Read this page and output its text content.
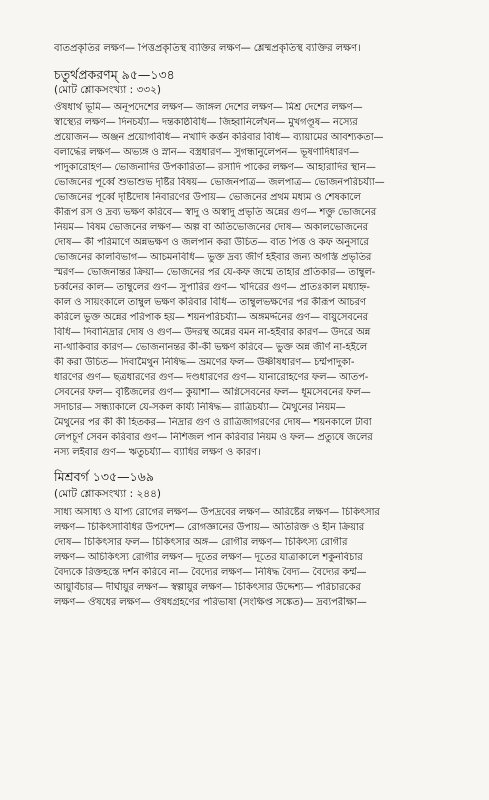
বাতপ্রকৃতির লক্ষণ— পিত্তপ্রকৃতিস্থ ব্যক্তির লক্ষণ— শ্লেষ্মপ্রকৃতিস্থ ব্যক্তির লক্ষণ।
চতুর্থপ্রকরণম্‌ ৯৫—১৩৪
(মোট শ্লোকসংখ্যা : ৩৩২)
ঔষধার্থ ভূমি— অনূপদেশের লক্ষণ— জাঙ্গল দেশের লক্ষণ— মিশ্র দেশের লক্ষণ—
স্বাস্থ্যের লক্ষণ— দিনচর্য্যা— দন্তকাষ্ঠবিধি— জিহ্বানির্লেখন— মুখগণ্ডূষ— নস্যের
প্রয়োজন— অঞ্জন প্রয়োগবিধি— নখাদি কর্ত্তন করিবার বিধি— ব্যায়ামের আবশ্যকতা—
বলার্দ্ধের লক্ষণ— অভ্যঙ্গ ও স্নান— বস্ত্রধারণ— সুগন্ধানুলেপন— ভূষণাদিধারণ—
পাদুকারোহণ— ভোজনাদির উপকারিতা— রসাদি পাকের লক্ষণ— আহারাদির স্থান—
ভোজনের পূর্ব্বে শুভাশুভ দৃষ্টির বিষয়— ভোজনপাত্র— জলপাত্র— ভোজনপরিচর্য্যা—
ভোজনের পূর্ব্বে দৃষ্টিদোষ নিবারণের উপায়— ভোজনের প্রথম মধ্যম ও শেষকালে
কীরূপ রস ও দ্রব্য ভক্ষণ করিবে— স্বাদু ও অস্বাদু প্রভৃতি অন্নের গুণ— শক্তু ভোজনের
নিয়ম— বিষম ভোজনের লক্ষণ— অল্প বা অতিভোজনের দোষ— অকালভোজনের
দোষ— কী পরিমাণে অন্নভক্ষণ ও জলপান করা উচিত— বাত পিত্ত ও কফ অনুসারে
ভোজনের কালবিভাগ— আচমনবিধি— ভুক্ত দ্রব্য জীর্ণ হইবার জন্য অগস্তি প্রভৃতির
স্মরণ— ভোজনান্তর ক্রিয়া— ভোজনের পর যে-কফ জন্মে তাহার প্রতিকার— তাম্বুল-
চর্ব্বনের কাল— তাম্বুলের গুণ— সুপারির গুণ— খদিরের গুণ— প্রাতঃকাল মধ্যাহ্ন-
কাল ও সায়ংকালে তাম্বুল ভক্ষণ করিবার বিধি— তাম্বুলভক্ষণের পর কীরূপ আচরণ
করিলে ভুক্ত অন্নের পরিপাক হয়— শয়নপরিচর্য্যা— অঙ্গমর্দ্দনের গুণ— বায়ুসেবনের
বিধি— দিবানিদ্রার দোষ ও গুণ— উদরস্থ অন্নের বমন না-হইবার কারণ— উদরে অন্ন
না-থাকিবার কারণ— ভোজনানন্তর কী-কী ভক্ষণ করিবে— ভুক্ত অন্ন জীর্ণ না-হইলে
কী করা উচিত— দিবামৈথুন নিষিদ্ধ— ভ্রমণের ফল— উষ্ণীষধারণ— চর্ম্মপাদুকা-
ধারণের গুণ— ছত্রধারণের গুণ— দণ্ডধারণের গুণ— যানারোহণের ফল— আতপ-
সেবনের ফল— বৃষ্টিজলের গুণ— কুয়াশা— অগ্নিসেবনের ফল— ধূমসেবনের ফল—
সদাচার— সন্ধ্যাকালে যে-সকল কার্য্য নিষিদ্ধ— রাত্রিচর্য্যা— মৈথুনের নিয়ম—
মৈথুনের পর কী কী হিতকর— নিদ্রার গুণ ও রাত্রিজাগরণের দোষ— শয়নকালে টাবা
লেপচূর্ণ সেবন করিবার গুণ— নিশিজল পান করিবার নিয়ম ও ফল— প্রত্যুষে জলের
নস্য লইবার গুণ— ঋতুচর্য্যা— ব্যাধির লক্ষণ ও কারণ।
মিশ্রবর্গ ১৩৫—১৬৯
(মোট শ্লোকসংখ্যা : ২৪৪)
সাধ্য অসাধ্য ও যাপ্য রোগের লক্ষণ— উপদ্রবের লক্ষণ— অরিষ্টের লক্ষণ— চিকিৎসার
লক্ষণ— চিকিৎসাবিধির উপদেশ— রোগজ্ঞানের উপায়— অতিরিক্ত ও হীন ক্রিয়ার
দোষ— চিকিৎসার ফল— চিকিৎসার অঙ্গ— রোগীর লক্ষণ— চিকিৎস্য রোগীর
লক্ষণ— অচিকিৎস্য রোগীর লক্ষণ— দূতের লক্ষণ— দূতের যাত্রাকালে শকুনবিচার
বৈদ্যকে রিক্তহস্তে দর্শন করিবে না— বৈদ্যের লক্ষণ— নিষিদ্ধ বৈদ্য— বৈদ্যের কর্ম্ম—
আয়ুর্বিচার— দীর্ঘায়ুর লক্ষণ— স্বল্পায়ুর লক্ষণ— চিকিৎসার উদ্দেশ্য— পরিচারকের
লক্ষণ— ঔষধের লক্ষণ— ঔষধগ্রহণের পরিভাষা (সংক্ষিপ্ত সঙ্কেত)— দ্রব্যপরীক্ষা—
